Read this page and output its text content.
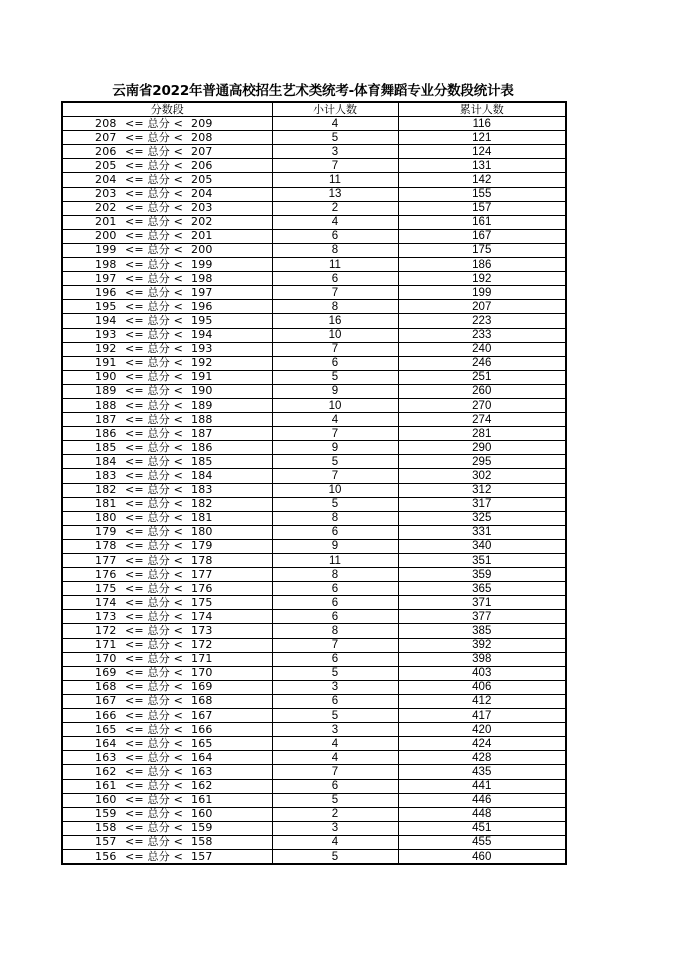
云南省2022年普通高校招生艺术类统考-体育舞蹈专业分数段统计表
分数段	小计人数	累计人数
208 <= 总分 < 209	4	116
207 <= 总分 < 208	5	121
206 <= 总分 < 207	3	124
205 <= 总分 < 206	7	131
204 <= 总分 < 205	11	142
203 <= 总分 < 204	13	155
202 <= 总分 < 203	2	157
201 <= 总分 < 202	4	161
200 <= 总分 < 201	6	167
199 <= 总分 < 200	8	175
198 <= 总分 < 199	11	186
197 <= 总分 < 198	6	192
196 <= 总分 < 197	7	199
195 <= 总分 < 196	8	207
194 <= 总分 < 195	16	223
193 <= 总分 < 194	10	233
192 <= 总分 < 193	7	240
191 <= 总分 < 192	6	246
190 <= 总分 < 191	5	251
189 <= 总分 < 190	9	260
188 <= 总分 < 189	10	270
187 <= 总分 < 188	4	274
186 <= 总分 < 187	7	281
185 <= 总分 < 186	9	290
184 <= 总分 < 185	5	295
183 <= 总分 < 184	7	302
182 <= 总分 < 183	10	312
181 <= 总分 < 182	5	317
180 <= 总分 < 181	8	325
179 <= 总分 < 180	6	331
178 <= 总分 < 179	9	340
177 <= 总分 < 178	11	351
176 <= 总分 < 177	8	359
175 <= 总分 < 176	6	365
174 <= 总分 < 175	6	371
173 <= 总分 < 174	6	377
172 <= 总分 < 173	8	385
171 <= 总分 < 172	7	392
170 <= 总分 < 171	6	398
169 <= 总分 < 170	5	403
168 <= 总分 < 169	3	406
167 <= 总分 < 168	6	412
166 <= 总分 < 167	5	417
165 <= 总分 < 166	3	420
164 <= 总分 < 165	4	424
163 <= 总分 < 164	4	428
162 <= 总分 < 163	7	435
161 <= 总分 < 162	6	441
160 <= 总分 < 161	5	446
159 <= 总分 < 160	2	448
158 <= 总分 < 159	3	451
157 <= 总分 < 158	4	455
156 <= 总分 < 157	5	460
